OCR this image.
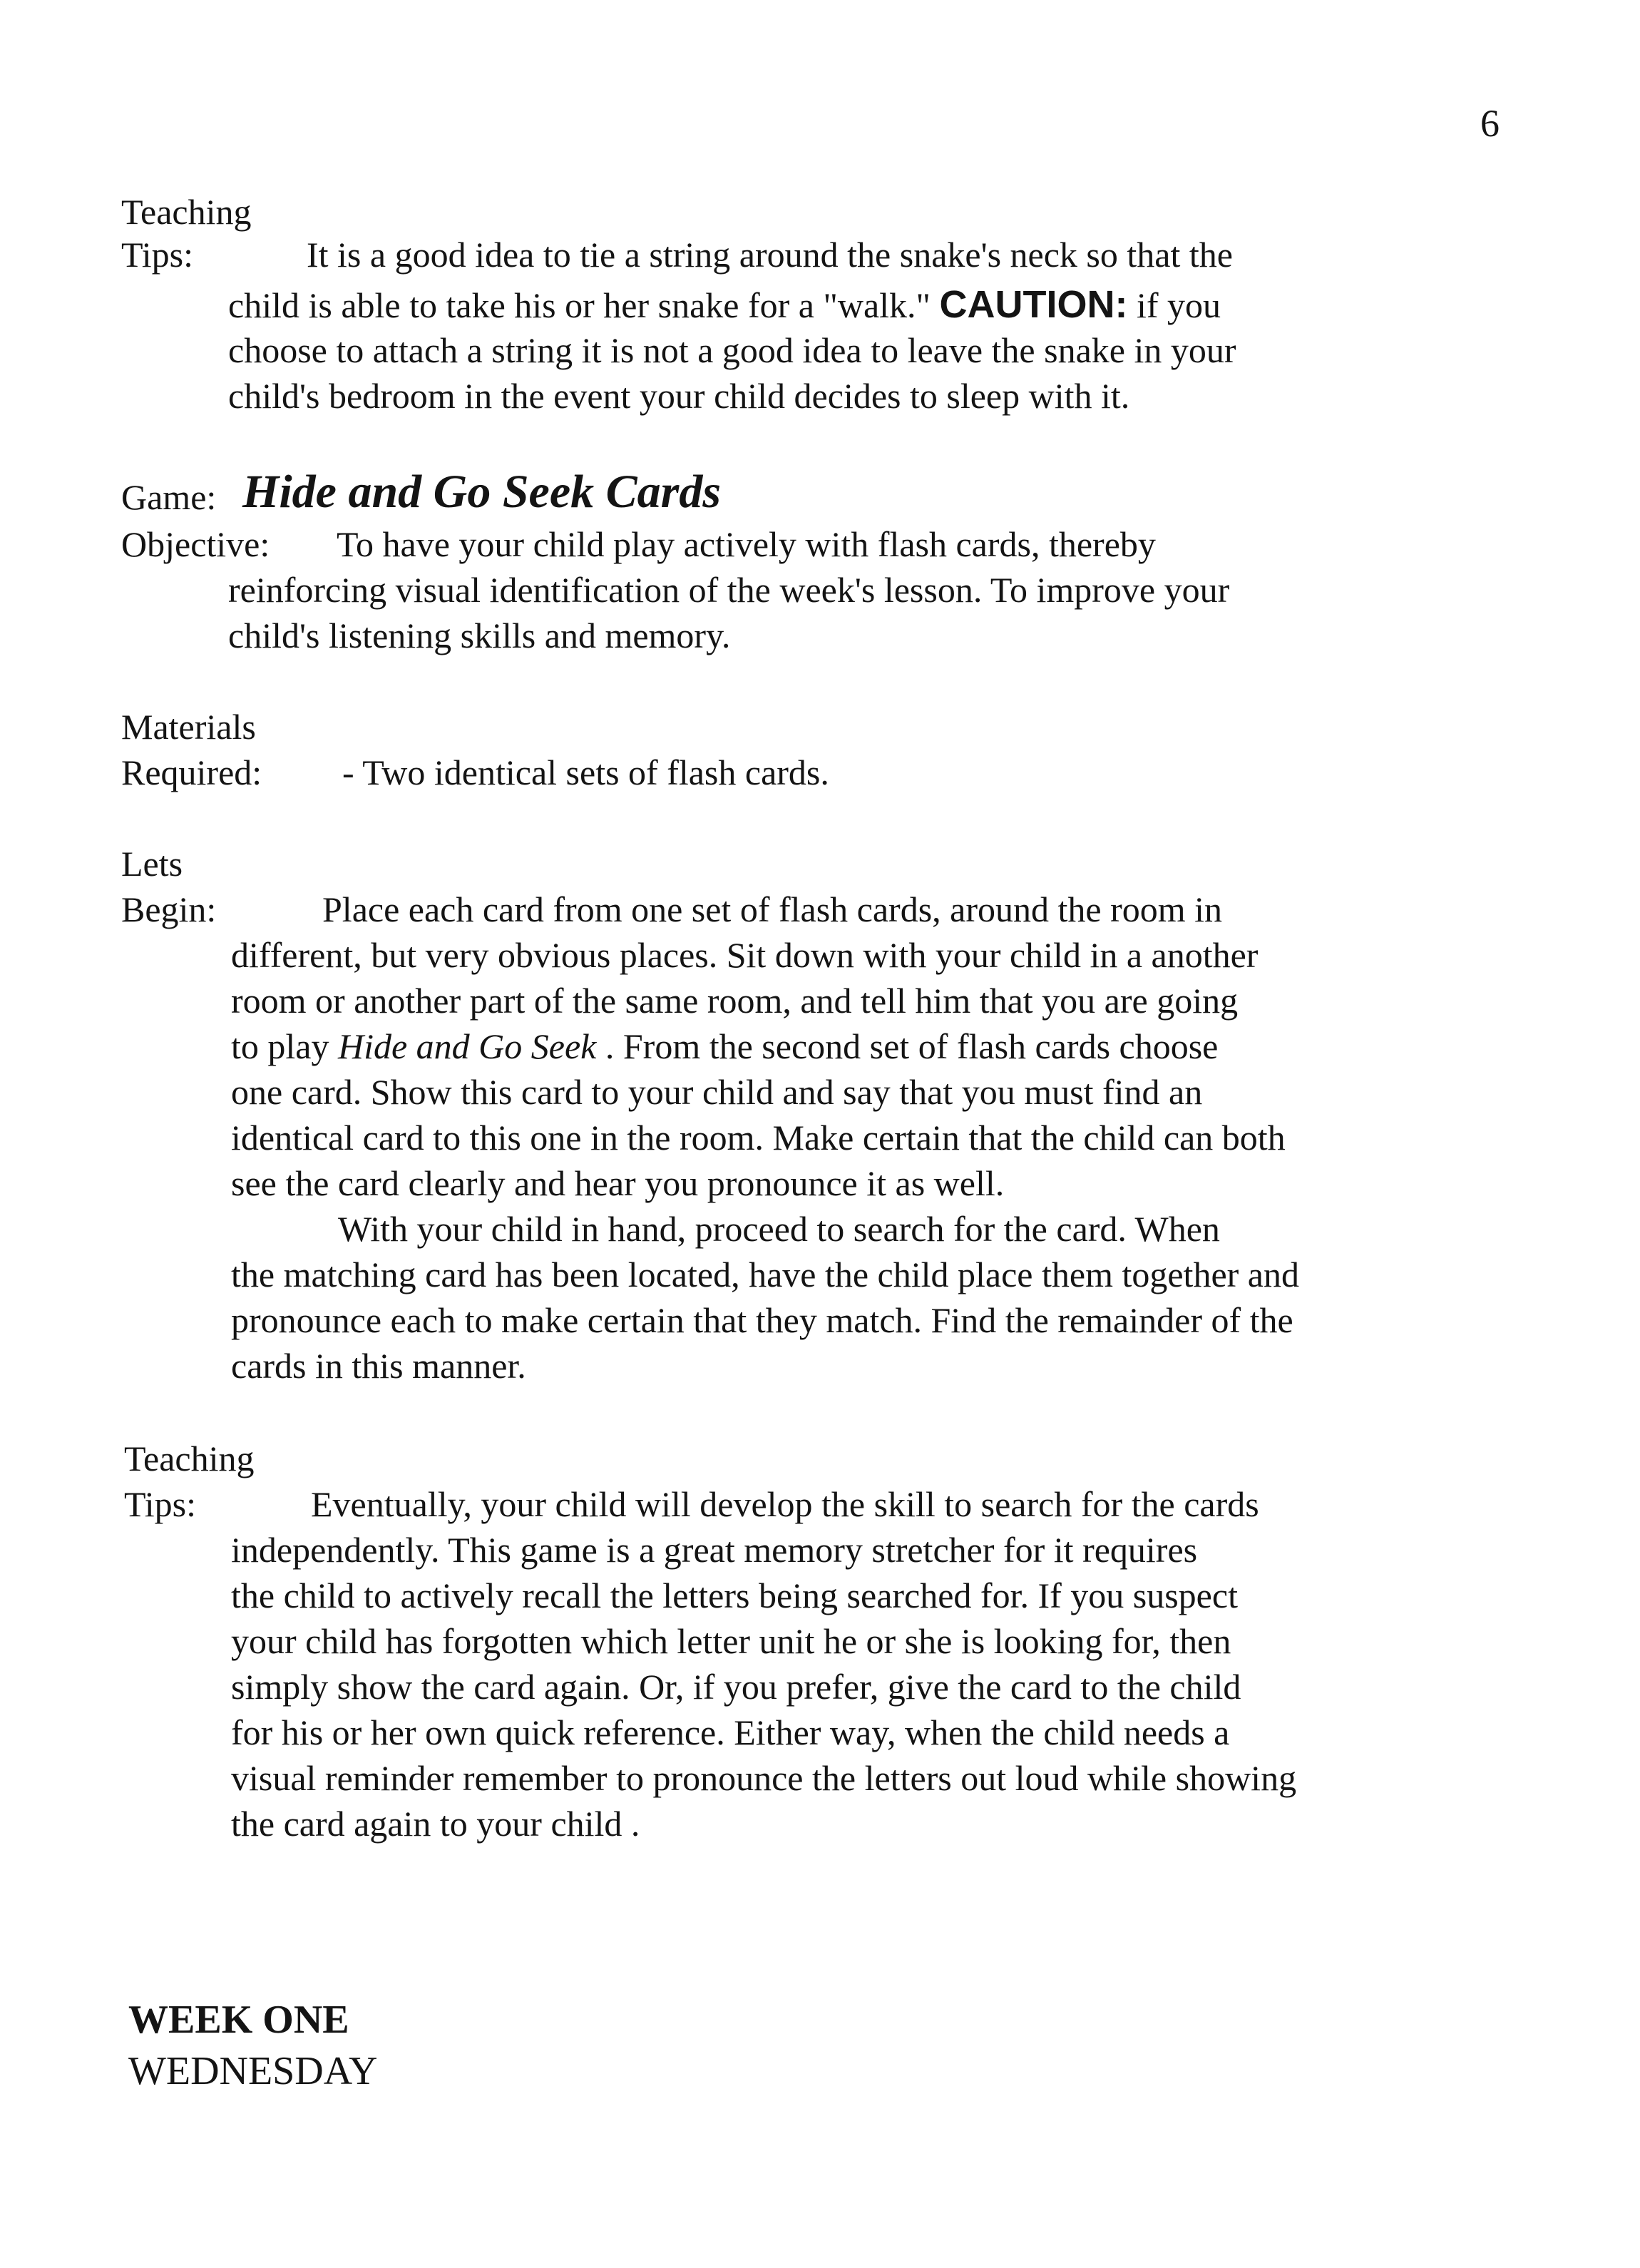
6
Teaching
Tips:	It is a good idea to tie a string around the snake's neck so that the
child is able to take his or her snake for a "walk." CAUTION: if you
choose to attach a string it is not a good idea to leave the snake in your
child's bedroom in the event your child decides to sleep with it.
Game: Hide and Go Seek Cards
Objective: To have your child play actively with flash cards, thereby
reinforcing visual identification of the week's lesson. To improve your
child's listening skills and memory.
Materials
Required: - Two identical sets of flash cards.
Lets
Begin:	Place each card from one set of flash cards, around the room in
different, but very obvious places. Sit down with your child in a another
room or another part of the same room, and tell him that you are going
to play Hide and Go Seek . From the second set of flash cards choose
one card. Show this card to your child and say that you must find an
identical card to this one in the room. Make certain that the child can both
see the card clearly and hear you pronounce it as well.
With your child in hand, proceed to search for the card. When
the matching card has been located, have the child place them together and
pronounce each to make certain that they match. Find the remainder of the
cards in this manner.
Teaching
Tips:	Eventually, your child will develop the skill to search for the cards
independently. This game is a great memory stretcher for it requires
the child to actively recall the letters being searched for. If you suspect
your child has forgotten which letter unit he or she is looking for, then
simply show the card again. Or, if you prefer, give the card to the child
for his or her own quick reference. Either way, when the child needs a
visual reminder remember to pronounce the letters out loud while showing
the card again to your child .
WEEK ONE
WEDNESDAY
